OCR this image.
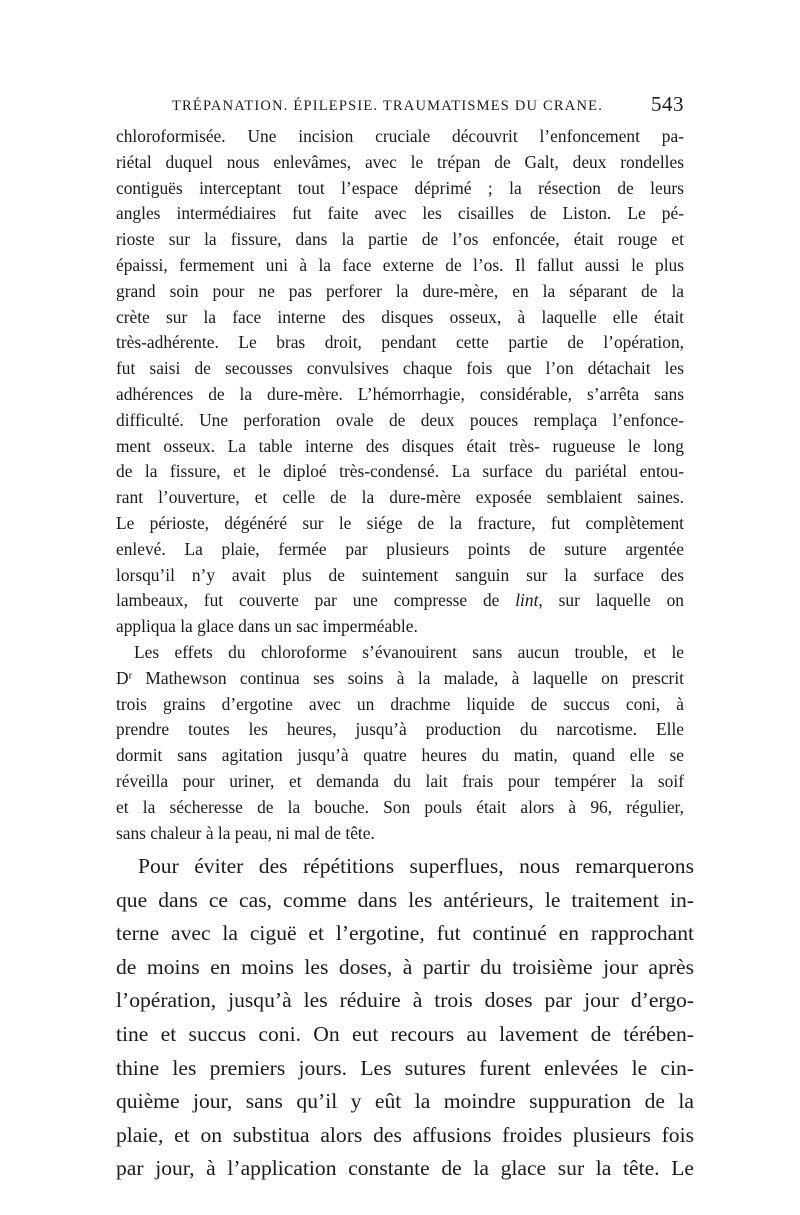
TRÉPANATION. ÉPILEPSIE. TRAUMATISMES DU CRANE. 543
chloroformisée. Une incision cruciale découvrit l’enfoncement pa-
riétal duquel nous enlevâmes, avec le trépan de Galt, deux rondelles
contiguës interceptant tout l’espace déprimé ; la résection de leurs
angles intermédiaires fut faite avec les cisailles de Liston. Le pé-
rioste sur la fissure, dans la partie de l’os enfoncée, était rouge et
épaissi, fermement uni à la face externe de l’os. Il fallut aussi le plus
grand soin pour ne pas perforer la dure-mère, en la séparant de la
crète sur la face interne des disques osseux, à laquelle elle était
très-adhérente. Le bras droit, pendant cette partie de l’opération,
fut saisi de secousses convulsives chaque fois que l’on détachait les
adhérences de la dure-mère. L’hémorrhagie, considérable, s’arrêta sans
difficulté. Une perforation ovale de deux pouces remplaça l’enfonce-
ment osseux. La table interne des disques était très- rugueuse le long
de la fissure, et le diploé très-condensé. La surface du pariétal entou-
rant l’ouverture, et celle de la dure-mère exposée semblaient saines.
Le périoste, dégénéré sur le siége de la fracture, fut complètement
enlevé. La plaie, fermée par plusieurs points de suture argentée
lorsqu’il n’y avait plus de suintement sanguin sur la surface des
lambeaux, fut couverte par une compresse de lint, sur laquelle on
appliqua la glace dans un sac imperméable.
Les effets du chloroforme s’évanouirent sans aucun trouble, et le
$D^r$ Mathewson continua ses soins à la malade, à laquelle on prescrit
trois grains d’ergotine avec un drachme liquide de succus coni, à
prendre toutes les heures, jusqu’à production du narcotisme. Elle
dormit sans agitation jusqu’à quatre heures du matin, quand elle se
réveilla pour uriner, et demanda du lait frais pour tempérer la soif
et la sécheresse de la bouche. Son pouls était alors à 96, régulier,
sans chaleur à la peau, ni mal de tête.
Pour éviter des répétitions superflues, nous remarquerons
que dans ce cas, comme dans les antérieurs, le traitement in-
terne avec la ciguë et l’ergotine, fut continué en rapprochant
de moins en moins les doses, à partir du troisième jour après
l’opération, jusqu’à les réduire à trois doses par jour d’ergo-
tine et succus coni. On eut recours au lavement de térében-
thine les premiers jours. Les sutures furent enlevées le cin-
quième jour, sans qu’il y eût la moindre suppuration de la
plaie, et on substitua alors des affusions froides plusieurs fois
par jour, à l’application constante de la glace sur la tête. Le
